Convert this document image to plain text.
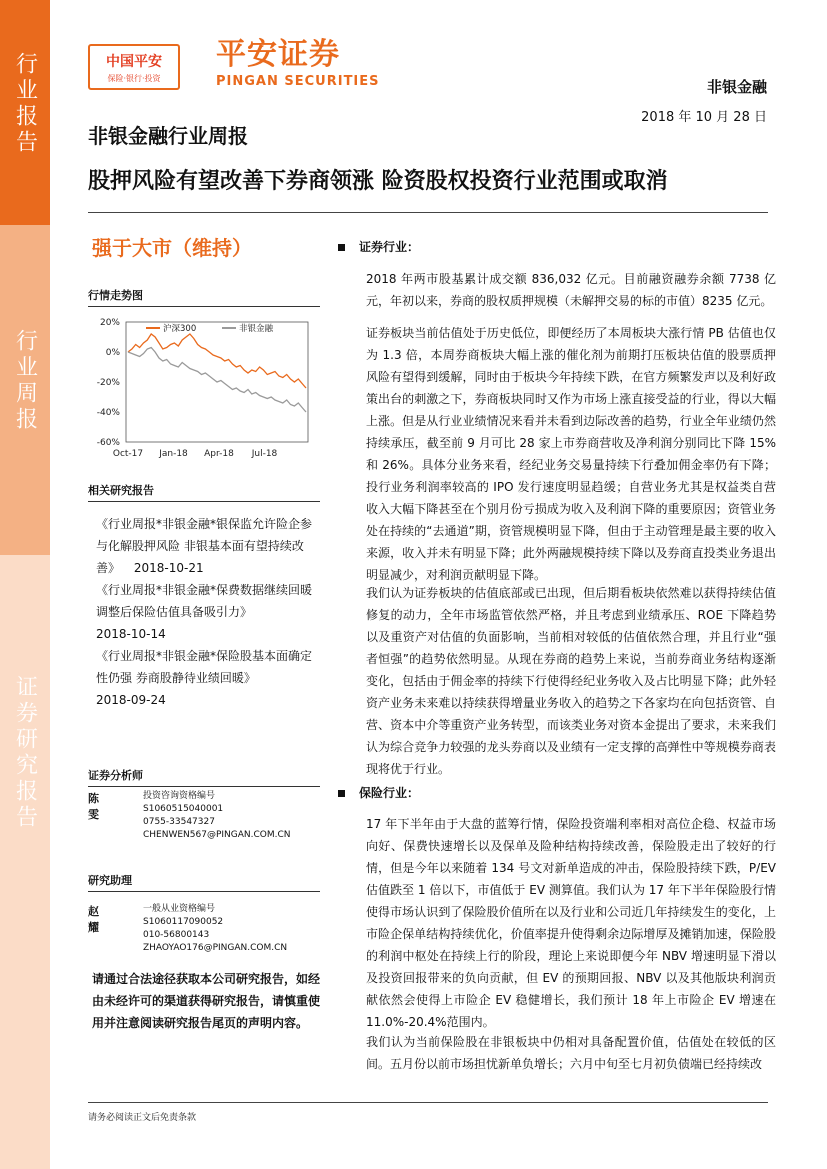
行业报告
行业周报
证券研究报告
中国平安
保险·银行·投资
平安证券
PINGAN SECURITIES	非银金融
2018 年 10 月 28 日
非银金融行业周报
股押风险有望改善下券商领涨 险资股权投资行业范围或取消
强于大市（维持）
行情走势图
20%
0%
-20%
-40%
-60%
Oct-17 Jan-18 Apr-18 Jul-18
沪深300	非银金融
相关研究报告
《行业周报*非银金融*银保监允许险企参与化解股押风险 非银基本面有望持续改善》 2018-10-21
《行业周报*非银金融*保费数据继续回暖 调整后保险估值具备吸引力》
2018-10-14
《行业周报*非银金融*保险股基本面确定性仍强 券商股静待业绩回暖》
2018-09-24
证券分析师
陈雯
投资咨询资格编号
S1060515040001
0755-33547327
CHENWEN567@PINGAN.COM.CN
研究助理
赵耀
一般从业资格编号
S1060117090052
010-56800143
ZHAOYAO176@PINGAN.COM.CN
请通过合法途径获取本公司研究报告，如经由未经许可的渠道获得研究报告，请慎重使用并注意阅读研究报告尾页的声明内容。
证券行业：
2018 年两市股基累计成交额 836,032 亿元。目前融资融券余额 7738 亿元，年初以来，券商的股权质押规模（未解押交易的标的市值）8235 亿元。
证券板块当前估值处于历史低位，即便经历了本周板块大涨行情 PB 估值也仅为 1.3 倍，本周券商板块大幅上涨的催化剂为前期打压板块估值的股票质押风险有望得到缓解，同时由于板块今年持续下跌，在官方频繁发声以及利好政策出台的刺激之下，券商板块同时又作为市场上涨直接受益的行业，得以大幅上涨。但是从行业业绩情况来看并未看到边际改善的趋势，行业全年业绩仍然持续承压，截至前 9 月可比 28 家上市券商营收及净利润分别同比下降 15%和 26%。具体分业务来看，经纪业务交易量持续下行叠加佣金率仍有下降；投行业务利润率较高的 IPO 发行速度明显趋缓；自营业务尤其是权益类自营收入大幅下降甚至在个别月份亏损成为收入及利润下降的重要原因；资管业务处在持续的“去通道”期，资管规模明显下降，但由于主动管理是最主要的收入来源，收入并未有明显下降；此外两融规模持续下降以及券商直投类业务退出明显减少，对利润贡献明显下降。
我们认为证券板块的估值底部或已出现，但后期看板块依然难以获得持续估值修复的动力，全年市场监管依然严格，并且考虑到业绩承压、ROE 下降趋势以及重资产对估值的负面影响，当前相对较低的估值依然合理，并且行业“强者恒强”的趋势依然明显。从现在券商的趋势上来说，当前券商业务结构逐渐变化，包括由于佣金率的持续下行使得经纪业务收入及占比明显下降；此外轻资产业务未来难以持续获得增量业务收入的趋势之下各家均在向包括资管、自营、资本中介等重资产业务转型，而该类业务对资本金提出了要求，未来我们认为综合竞争力较强的龙头券商以及业绩有一定支撑的高弹性中等规模券商表现将优于行业。
保险行业：
17 年下半年由于大盘的蓝筹行情，保险投资端利率相对高位企稳、权益市场向好、保费快速增长以及保单及险种结构持续改善，保险股走出了较好的行情，但是今年以来随着 134 号文对新单造成的冲击，保险股持续下跌，P/EV 估值跌至 1 倍以下，市值低于 EV 测算值。我们认为 17 年下半年保险股行情使得市场认识到了保险股价值所在以及行业和公司近几年持续发生的变化，上市险企保单结构持续优化，价值率提升使得剩余边际增厚及摊销加速，保险股的利润中枢处在持续上行的阶段，理论上来说即便今年 NBV 增速明显下滑以及投资回报带来的负向贡献，但 EV 的预期回报、NBV 以及其他版块利润贡献依然会使得上市险企 EV 稳健增长，我们预计 18 年上市险企 EV 增速在 11.0%-20.4%范围内。
我们认为当前保险股在非银板块中仍相对具备配置价值，估值处在较低的区间。五月份以前市场担忧新单负增长；六月中旬至七月初负债端已经持续改
请务必阅读正文后免责条款
